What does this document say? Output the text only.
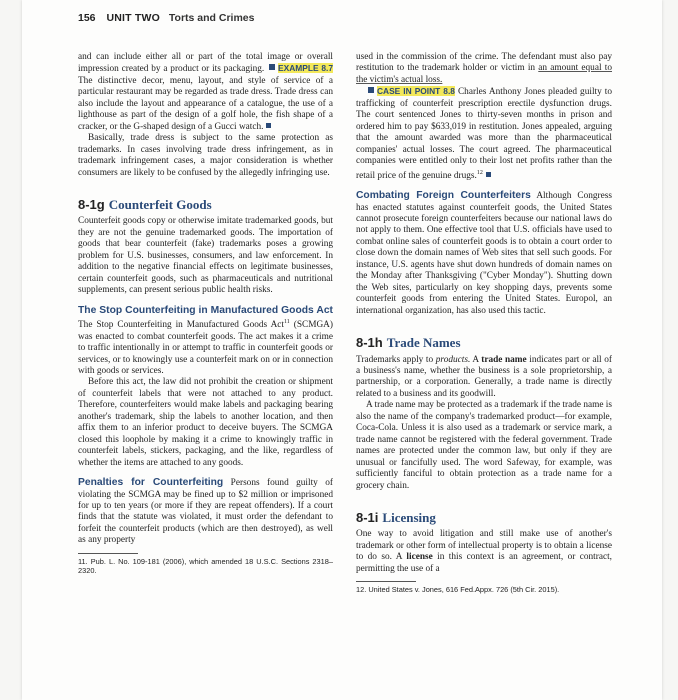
156 UNIT TWO Torts and Crimes

and can include either all or part of the total image or overall impression created by a product or its packaging. EXAMPLE 8.7 The distinctive decor, menu, layout, and style of service of a particular restaurant may be regarded as trade dress. Trade dress can also include the layout and appearance of a catalogue, the use of a lighthouse as part of the design of a golf hole, the fish shape of a cracker, or the G-shaped design of a Gucci watch.

Basically, trade dress is subject to the same protection as trademarks. In cases involving trade dress infringement, as in trademark infringement cases, a major consideration is whether consumers are likely to be confused by the allegedly infringing use.

8-1g Counterfeit Goods

Counterfeit goods copy or otherwise imitate trademarked goods, but they are not the genuine trademarked goods. The importation of goods that bear counterfeit (fake) trademarks poses a growing problem for U.S. businesses, consumers, and law enforcement. In addition to the negative financial effects on legitimate businesses, certain counterfeit goods, such as pharmaceuticals and nutritional supplements, can present serious public health risks.

The Stop Counterfeiting in Manufactured Goods Act The Stop Counterfeiting in Manufactured Goods Act$^{11}$ (SCMGA) was enacted to combat counterfeit goods. The act makes it a crime to traffic intentionally in or attempt to traffic in counterfeit goods or services, or to knowingly use a counterfeit mark on or in connection with goods or services.

Before this act, the law did not prohibit the creation or shipment of counterfeit labels that were not attached to any product. Therefore, counterfeiters would make labels and packaging bearing another's trademark, ship the labels to another location, and then affix them to an inferior product to deceive buyers. The SCMGA closed this loophole by making it a crime to knowingly traffic in counterfeit labels, stickers, packaging, and the like, regardless of whether the items are attached to any goods.

Penalties for Counterfeiting Persons found guilty of violating the SCMGA may be fined up to $2 million or imprisoned for up to ten years (or more if they are repeat offenders). If a court finds that the statute was violated, it must order the defendant to forfeit the counterfeit products (which are then destroyed), as well as any property

11. Pub. L. No. 109-181 (2006), which amended 18 U.S.C. Sections 2318–2320.

used in the commission of the crime. The defendant must also pay restitution to the trademark holder or victim in an amount equal to the victim's actual loss.

CASE IN POINT 8.8 Charles Anthony Jones pleaded guilty to trafficking of counterfeit prescription erectile dysfunction drugs. The court sentenced Jones to thirty-seven months in prison and ordered him to pay $633,019 in restitution. Jones appealed, arguing that the amount awarded was more than the pharmaceutical companies' actual losses. The court agreed. The pharmaceutical companies were entitled only to their lost net profits rather than the retail price of the genuine drugs.$^{12}$

Combating Foreign Counterfeiters Although Congress has enacted statutes against counterfeit goods, the United States cannot prosecute foreign counterfeiters because our national laws do not apply to them. One effective tool that U.S. officials have used to combat online sales of counterfeit goods is to obtain a court order to close down the domain names of Web sites that sell such goods. For instance, U.S. agents have shut down hundreds of domain names on the Monday after Thanksgiving ("Cyber Monday"). Shutting down the Web sites, particularly on key shopping days, prevents some counterfeit goods from entering the United States. Europol, an international organization, has also used this tactic.

8-1h Trade Names

Trademarks apply to products. A trade name indicates part or all of a business's name, whether the business is a sole proprietorship, a partnership, or a corporation. Generally, a trade name is directly related to a business and its goodwill.

A trade name may be protected as a trademark if the trade name is also the name of the company's trademarked product—for example, Coca-Cola. Unless it is also used as a trademark or service mark, a trade name cannot be registered with the federal government. Trade names are protected under the common law, but only if they are unusual or fancifully used. The word Safeway, for example, was sufficiently fanciful to obtain protection as a trade name for a grocery chain.

8-1i Licensing

One way to avoid litigation and still make use of another's trademark or other form of intellectual property is to obtain a license to do so. A license in this context is an agreement, or contract, permitting the use of a

12. United States v. Jones, 616 Fed.Appx. 726 (5th Cir. 2015).
